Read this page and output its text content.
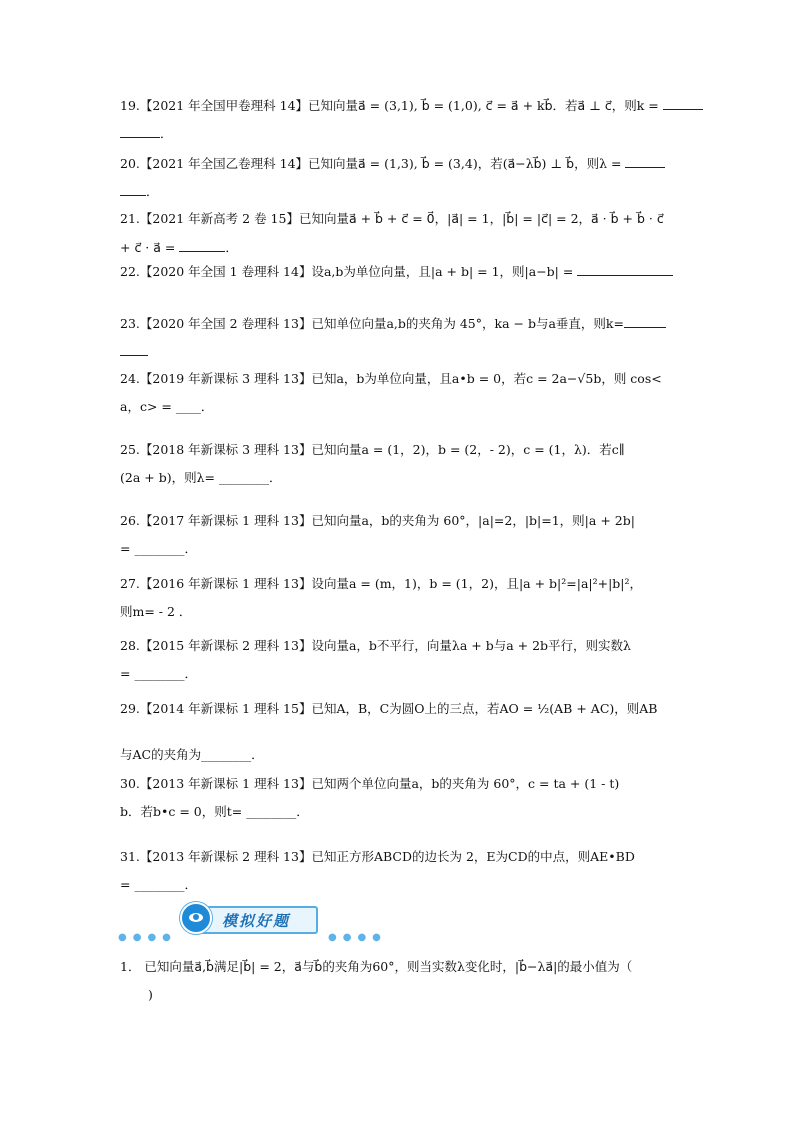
19.【2021 年全国甲卷理科 14】已知向量a⃗ = (3,1), b⃗ = (1,0), c⃗ = a⃗ + kb⃗．若a⃗ ⊥ c⃗，则k =
．
20.【2021 年全国乙卷理科 14】已知向量a⃗ = (1,3), b⃗ = (3,4)，若(a⃗−λb⃗) ⊥ b⃗，则λ =
．
21.【2021 年新高考 2 卷 15】已知向量a⃗ + b⃗ + c⃗ = 0⃗，|a⃗| = 1，|b⃗| = |c⃗| = 2，a⃗ · b⃗ + b⃗ · c⃗
+ c⃗ · a⃗ =	．
22.【2020 年全国 1 卷理科 14】设a,b为单位向量，且|a + b| = 1，则|a−b| =
23.【2020 年全国 2 卷理科 13】已知单位向量a,b的夹角为 45°，ka − b与a垂直，则k=
24.【2019 年新课标 3 理科 13】已知a，b为单位向量，且a•b = 0，若c = 2a−√5b，则 cos<
a，c> = ____．
25.【2018 年新课标 3 理科 13】已知向量a = (1，2)，b = (2，- 2)，c = (1，λ)．若c∥
(2a + b)，则λ= ________．
26.【2017 年新课标 1 理科 13】已知向量a，b的夹角为 60°，|a|=2，|b|=1，则|a + 2b|
= ________．
27.【2016 年新课标 1 理科 13】设向量a = (m，1)，b = (1，2)，且|a + b|²=|a|²+|b|²，
则m= - 2 ．
28.【2015 年新课标 2 理科 13】设向量a，b不平行，向量λa + b与a + 2b平行，则实数λ
= ________．
29.【2014 年新课标 1 理科 15】已知A，B，C为圆O上的三点，若AO = ½(AB + AC)，则AB
与AC的夹角为________．
30.【2013 年新课标 1 理科 13】已知两个单位向量a，b的夹角为 60°，c = ta + (1 - t)
b．若b•c = 0，则t= ________．
31.【2013 年新课标 2 理科 13】已知正方形ABCD的边长为 2，E为CD的中点，则AE•BD
= ________．
●●●●
模拟好题
●●●●
1． 已知向量a⃗,b⃗满足|b⃗| = 2，a⃗与b⃗的夹角为60°，则当实数λ变化时，|b⃗−λa⃗|的最小值为（
)
